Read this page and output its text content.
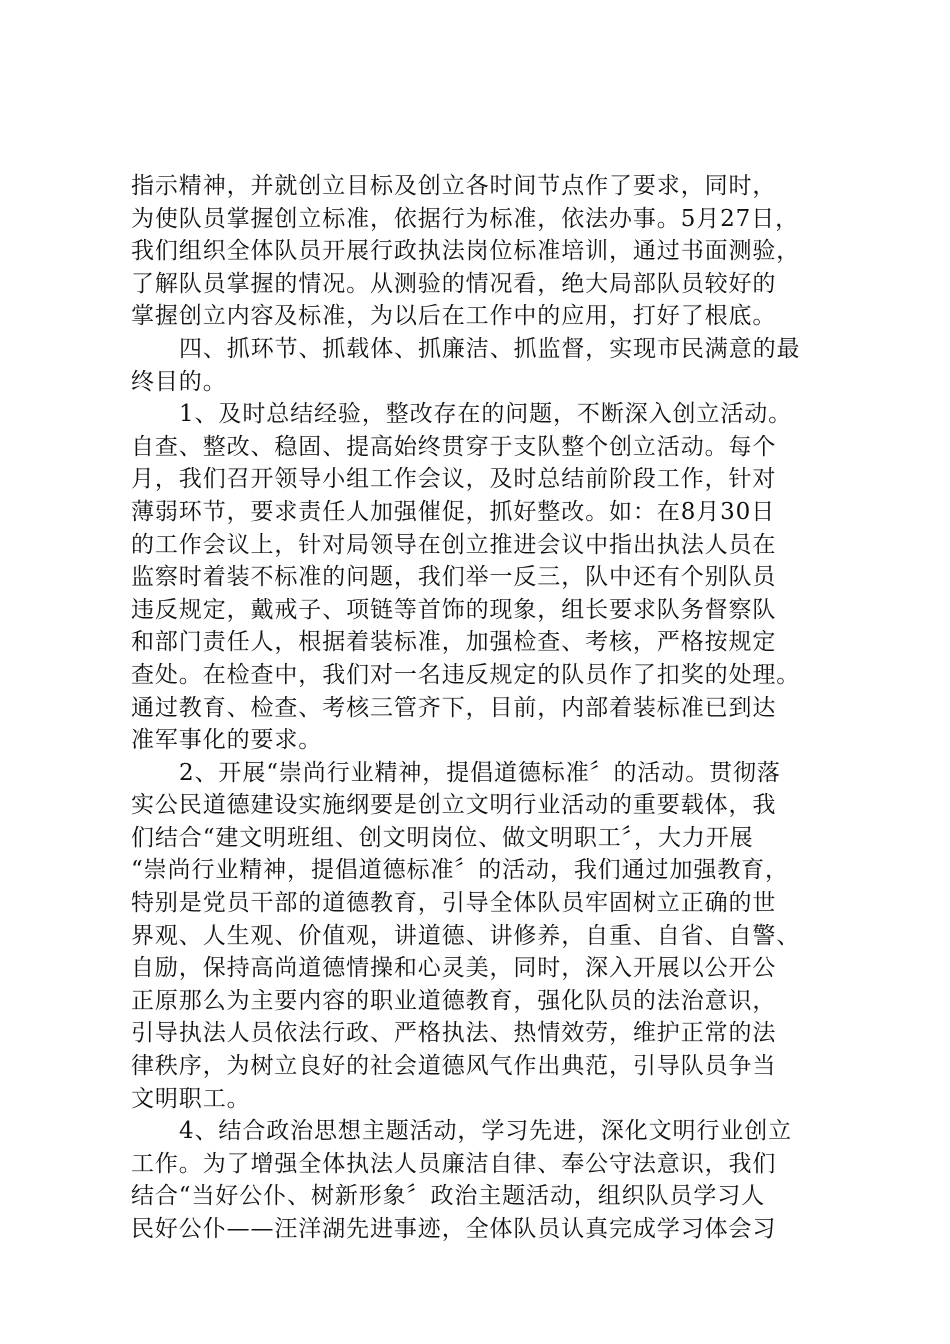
指示精神，并就创立目标及创立各时间节点作了要求，同时，
为使队员掌握创立标准，依据行为标准，依法办事。5月27日，
我们组织全体队员开展行政执法岗位标准培训，通过书面测验，
了解队员掌握的情况。从测验的情况看，绝大局部队员较好的
掌握创立内容及标准，为以后在工作中的应用，打好了根底。
四、抓环节、抓载体、抓廉洁、抓监督，实现市民满意的最
终目的。
1、及时总结经验，整改存在的问题，不断深入创立活动。
自查、整改、稳固、提高始终贯穿于支队整个创立活动。每个
月，我们召开领导小组工作会议，及时总结前阶段工作，针对
薄弱环节，要求责任人加强催促，抓好整改。如：在8月30日
的工作会议上，针对局领导在创立推进会议中指出执法人员在
监察时着装不标准的问题，我们举一反三，队中还有个别队员
违反规定，戴戒子、项链等首饰的现象，组长要求队务督察队
和部门责任人，根据着装标准，加强检查、考核，严格按规定
查处。在检查中，我们对一名违反规定的队员作了扣奖的处理。
通过教育、检查、考核三管齐下，目前，内部着装标准已到达
准军事化的要求。
2、开展“崇尚行业精神，提倡道德标准〞的活动。贯彻落
实公民道德建设实施纲要是创立文明行业活动的重要载体，我
们结合“建文明班组、创文明岗位、做文明职工〞，大力开展
“崇尚行业精神，提倡道德标准〞的活动，我们通过加强教育，
特别是党员干部的道德教育，引导全体队员牢固树立正确的世
界观、人生观、价值观，讲道德、讲修养，自重、自省、自警、
自励，保持高尚道德情操和心灵美，同时，深入开展以公开公
正原那么为主要内容的职业道德教育，强化队员的法治意识，
引导执法人员依法行政、严格执法、热情效劳，维护正常的法
律秩序，为树立良好的社会道德风气作出典范，引导队员争当
文明职工。
4、结合政治思想主题活动，学习先进，深化文明行业创立
工作。为了增强全体执法人员廉洁自律、奉公守法意识，我们
结合“当好公仆、树新形象〞政治主题活动，组织队员学习人
民好公仆——汪洋湖先进事迹，全体队员认真完成学习体会习
